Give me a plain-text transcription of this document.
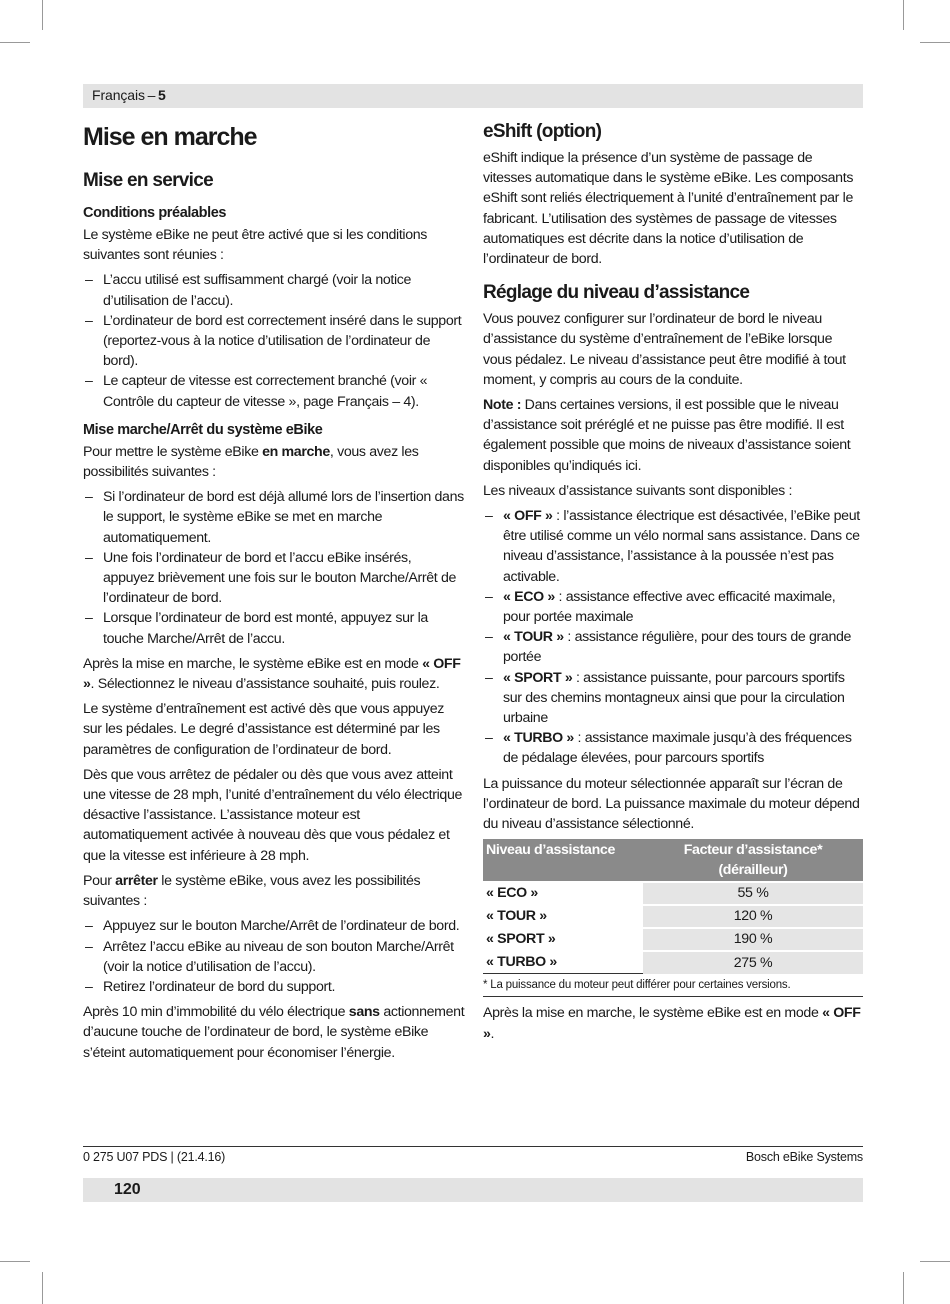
Français  –  5
Mise en marche
Mise en service
Conditions préalables

Le système eBike ne peut être activé que si les conditions suivantes sont réunies :

– L’accu utilisé est suffisamment chargé (voir la notice d’utilisation de l’accu).
– L’ordinateur de bord est correctement inséré dans le support (reportez-vous à la notice d’utilisation de l’ordinateur de bord).
– Le capteur de vitesse est correctement branché (voir « Contrôle du capteur de vitesse », page Français – 4).
Mise marche/Arrêt du système eBike

Pour mettre le système eBike en marche, vous avez les possibilités suivantes :

– Si l’ordinateur de bord est déjà allumé lors de l’insertion dans le support, le système eBike se met en marche automatiquement.
– Une fois l’ordinateur de bord et l’accu eBike insérés, appuyez brièvement une fois sur le bouton Marche/Arrêt de l’ordinateur de bord.
– Lorsque l’ordinateur de bord est monté, appuyez sur la touche Marche/Arrêt de l’accu.

Après la mise en marche, le système eBike est en mode « OFF ». Sélectionnez le niveau d’assistance souhaité, puis roulez.

Le système d’entraînement est activé dès que vous appuyez sur les pédales. Le degré d’assistance est déterminé par les paramètres de configuration de l’ordinateur de bord.

Dès que vous arrêtez de pédaler ou dès que vous avez atteint une vitesse de 28 mph, l’unité d’entraînement du vélo électrique désactive l’assistance. L’assistance moteur est automatiquement activée à nouveau dès que vous pédalez et que la vitesse est inférieure à 28 mph.

Pour arrêter le système eBike, vous avez les possibilités suivantes :

– Appuyez sur le bouton Marche/Arrêt de l’ordinateur de bord.
– Arrêtez l’accu eBike au niveau de son bouton Marche/Arrêt (voir la notice d’utilisation de l’accu).
– Retirez l’ordinateur de bord du support.

Après 10 min d’immobilité du vélo électrique sans actionnement d’aucune touche de l’ordinateur de bord, le système eBike s’éteint automatiquement pour économiser l’énergie.

eShift (option)

eShift indique la présence d’un système de passage de vitesses automatique dans le système eBike. Les composants eShift sont reliés électriquement à l’unité d’entraînement par le fabricant. L’utilisation des systèmes de passage de vitesses automatiques est décrite dans la notice d’utilisation de l’ordinateur de bord.

Réglage du niveau d’assistance

Vous pouvez configurer sur l’ordinateur de bord le niveau d’assistance du système d’entraînement de l’eBike lorsque vous pédalez. Le niveau d’assistance peut être modifié à tout moment, y compris au cours de la conduite.

Note : Dans certaines versions, il est possible que le niveau d’assistance soit préréglé et ne puisse pas être modifié. Il est également possible que moins de niveaux d’assistance soient disponibles qu’indiqués ici.

Les niveaux d’assistance suivants sont disponibles :

– « OFF » : l’assistance électrique est désactivée, l’eBike peut être utilisé comme un vélo normal sans assistance. Dans ce niveau d’assistance, l’assistance à la poussée n’est pas activable.
– « ECO » : assistance effective avec efficacité maximale, pour portée maximale
– « TOUR » : assistance régulière, pour des tours de grande portée
– « SPORT » : assistance puissante, pour parcours sportifs sur des chemins montagneux ainsi que pour la circulation urbaine
– « TURBO » : assistance maximale jusqu’à des fréquences de pédalage élevées, pour parcours sportifs

La puissance du moteur sélectionnée apparaît sur l’écran de l’ordinateur de bord. La puissance maximale du moteur dépend du niveau d’assistance sélectionné.

Niveau d’assistance	Facteur d’assistance*
(dérailleur)
« ECO »	55 %
« TOUR »	120 %
« SPORT »	190 %
« TURBO »	275 %
* La puissance du moteur peut différer pour certaines versions.

Après la mise en marche, le système eBike est en mode « OFF ».

0 275 U07 PDS | (21.4.16)	Bosch eBike Systems
120
